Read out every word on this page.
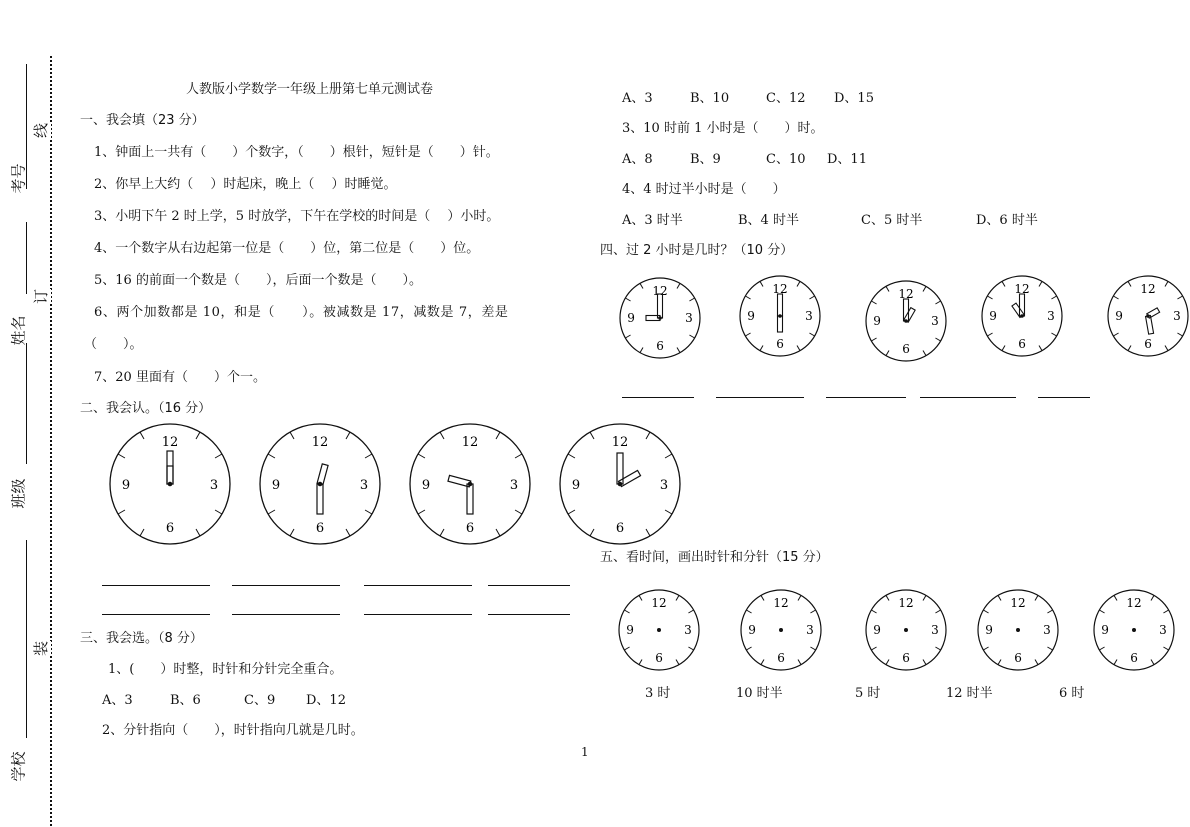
考号
姓名
班级
学校
线
订
装
人教版小学数学一年级上册第七单元测试卷
一、我会填（23 分）
1、钟面上一共有（　　）个数字，（　　）根针，短针是（　　）针。
2、你早上大约（　 ）时起床，晚上（　 ）时睡觉。
3、小明下午 2 时上学，5 时放学，下午在学校的时间是（　 ）小时。
4、一个数字从右边起第一位是（　　）位，第二位是（　　）位。
5、16 的前面一个数是（　　），后面一个数是（　　）。
6、两个加数都是 10，和是（　　）。被减数是 17，减数是 7，差是
（　　）。
7、20 里面有（　　）个一。
二、我会认。（16 分）
12
3
6
9
12
3
6
9
12
3
6
9
12
3
6
9
三、我会选。（8 分）
1、(　　）时整，时针和分针完全重合。
A、3	B、6	C、9 D、12
2、分针指向（　　），时针指向几就是几时。
1
A、3	B、10	C、12 D、15
3、10 时前 1 小时是（　　）时。
A、8	B、9	C、10 D、11
4、4 时过半小时是（　　）
A、3 时半	B、4 时半	C、5 时半	D、6 时半
四、过 2 小时是几时？（10 分）
12
3
6
9
12
3
6
9
12
3
6
9
12
3
6
9
12
3
6
9
五、看时间，画出时针和分针（15 分）
12
3
6
9
12
3
6
9
12
3
6
9
12
3
6
9
12
3
6
9
3 时	10 时半	5 时	12 时半	6 时
